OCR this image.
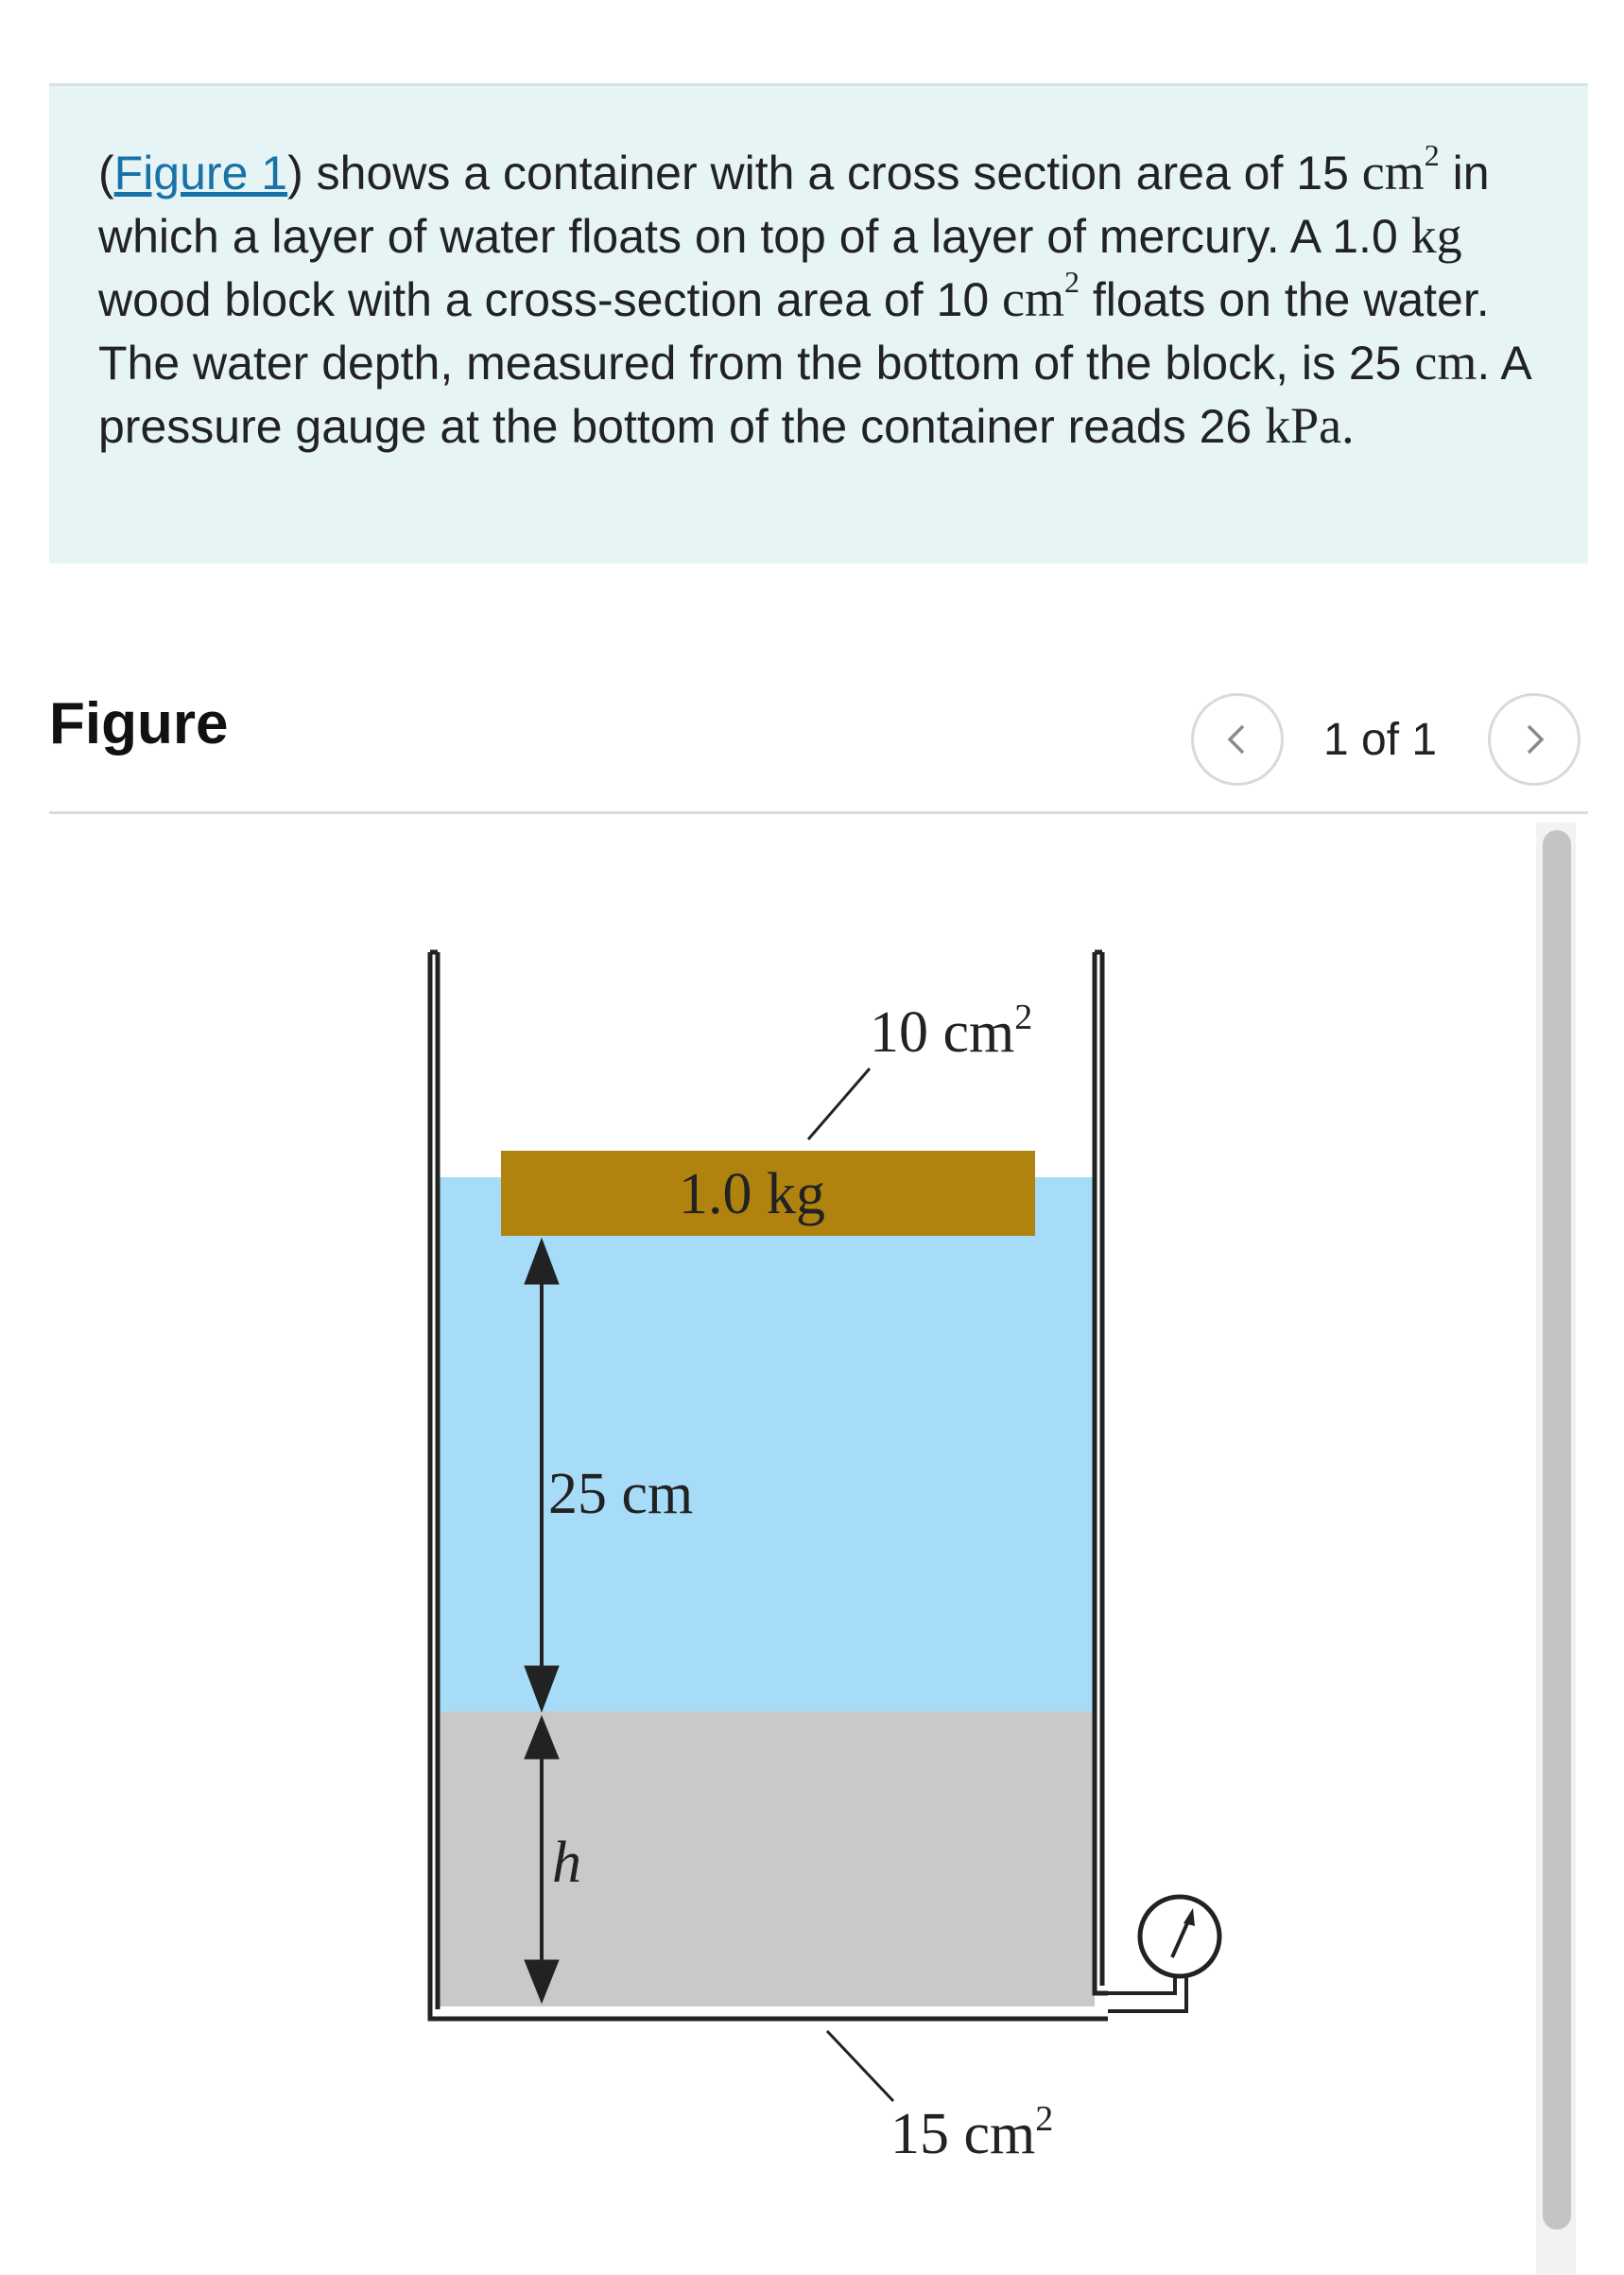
(Figure 1) shows a container with a cross section area of 15 $cm^2$ in which a layer of water floats on top of a layer of mercury. A 1.0 kg wood block with a cross-section area of 10 $cm^2$ floats on the water. The water depth, measured from the bottom of the block, is 25 cm. A pressure gauge at the bottom of the container reads 26 kPa.

Figure	1 of 1
1.0 kg
25 cm
h
10 $cm^2$
15 $cm^2$
